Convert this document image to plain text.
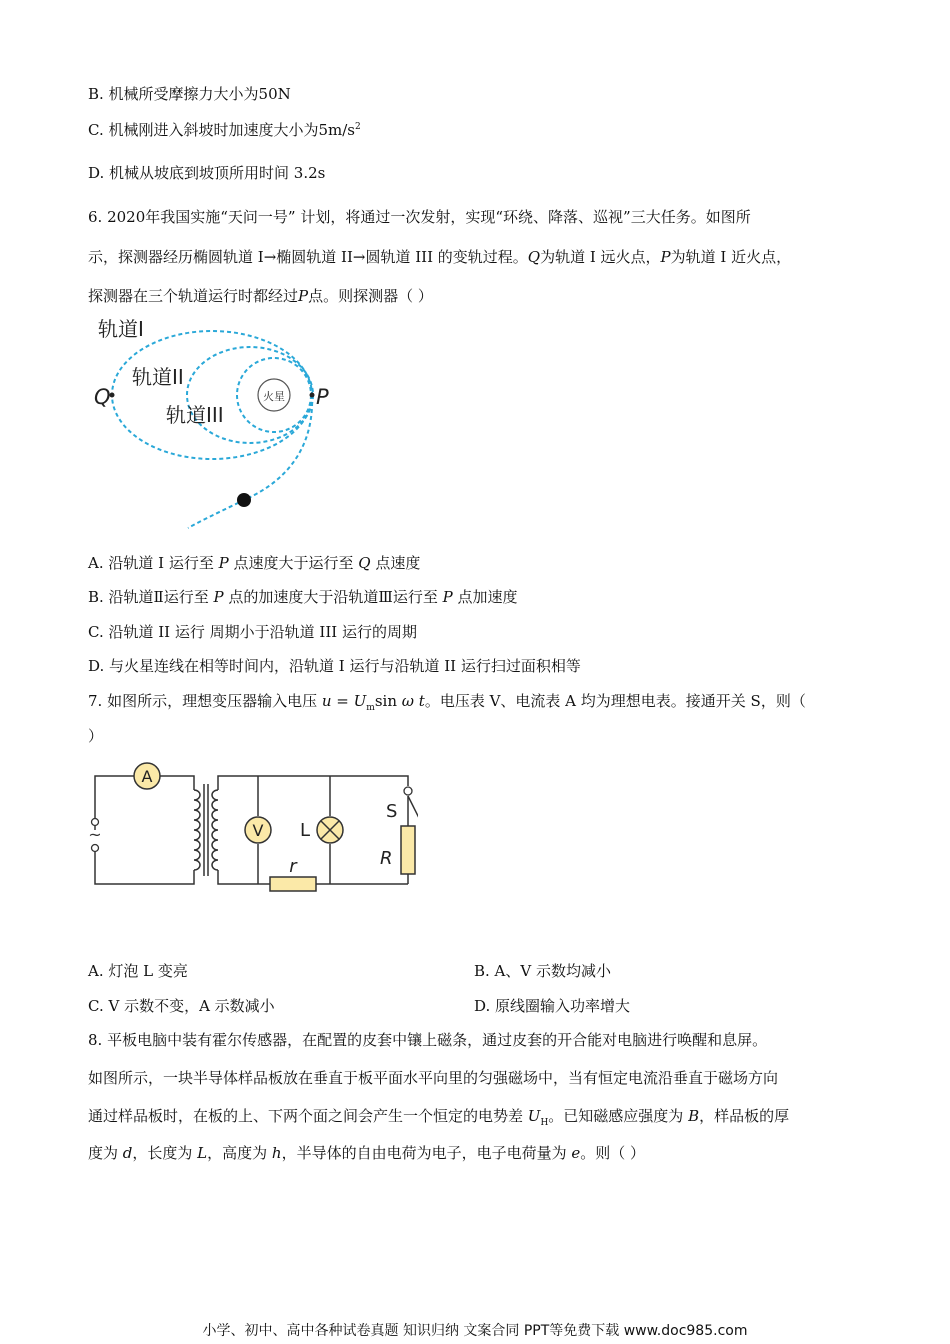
B. 机械所受摩擦力大小为50N

C. 机械刚进入斜坡时加速度大小为$5m/s^2$

D. 机械从坡底到坡顶所用时间 3.2s

6. 2020年我国实施“天问一号” 计划，将通过一次发射，实现“环绕、降落、巡视”三大任务。如图所

示，探测器经历椭圆轨道 I→椭圆轨道 II→圆轨道 III 的变轨过程。Q为轨道 I 远火点，P为轨道 I 近火点，

探测器在三个轨道运行时都经过P点。则探测器（ ）

火星
Q	P
轨道I
轨道II
轨道III

A. 沿轨道 I 运行至 P 点速度大于运行至 Q 点速度

B. 沿轨道Ⅱ运行至 P 点的加速度大于沿轨道Ⅲ运行至 P 点加速度

C. 沿轨道 II 运行 周期小于沿轨道 III 运行的周期

D. 与火星连线在相等时间内，沿轨道 I 运行与沿轨道 II 运行扫过面积相等

7. 如图所示，理想变压器输入电压 $u = U_m\sin$ ω t。电压表 V、电流表 A 均为理想电表。接通开关 S，则（

）

~
A
V L
r
S
R

A. 灯泡 L 变亮	B. A、V 示数均减小

C. V 示数不变，A 示数减小	D. 原线圈输入功率增大

8. 平板电脑中装有霍尔传感器，在配置的皮套中镶上磁条，通过皮套的开合能对电脑进行唤醒和息屏。

如图所示，一块半导体样品板放在垂直于板平面水平向里的匀强磁场中，当有恒定电流沿垂直于磁场方向

通过样品板时，在板的上、下两个面之间会产生一个恒定的电势差 $U_H$。已知磁感应强度为 B，样品板的厚

度为 d，长度为 L，高度为 h，半导体的自由电荷为电子，电子电荷量为 e。则（ ）

小学、初中、高中各种试卷真题 知识归纳 文案合同 PPT等免费下载 www.doc985.com
